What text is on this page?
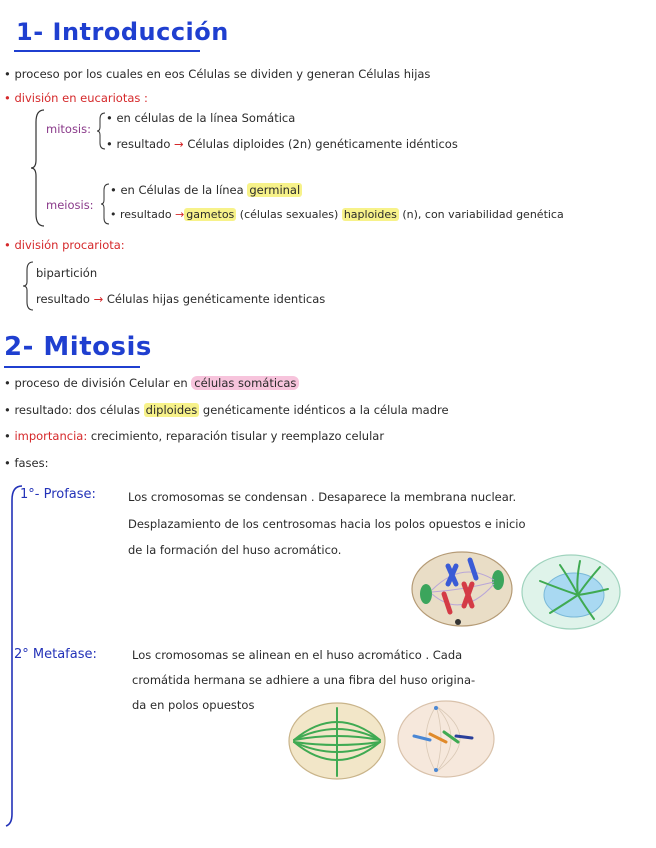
1- Introducción
• proceso por los cuales en eos Células se dividen y generan Células hijas
• división en eucariotas :
mitosis:
• en células de la línea Somática
• resultado → Células diploides (2n) genéticamente idénticos
meiosis:
• en Células de la línea germinal
• resultado → gametos (células sexuales) haploides (n), con variabilidad genética
• división procariota:
bipartición
resultado → Células hijas genéticamente identicas
2- Mitosis
• proceso de división Celular en células somáticas
• resultado: dos células diploides genéticamente idénticos a la célula madre
• importancia: crecimiento, reparación tisular y reemplazo celular
• fases:
1°- Profase:	Los cromosomas se condensan . Desaparece la membrana nuclear.
Desplazamiento de los centrosomas hacia los polos opuestos e inicio
de la formación del huso acromático.
2° Metafase:	Los cromosomas se alinean en el huso acromático . Cada
cromátida hermana se adhiere a una fibra del huso origina-
da en polos opuestos
